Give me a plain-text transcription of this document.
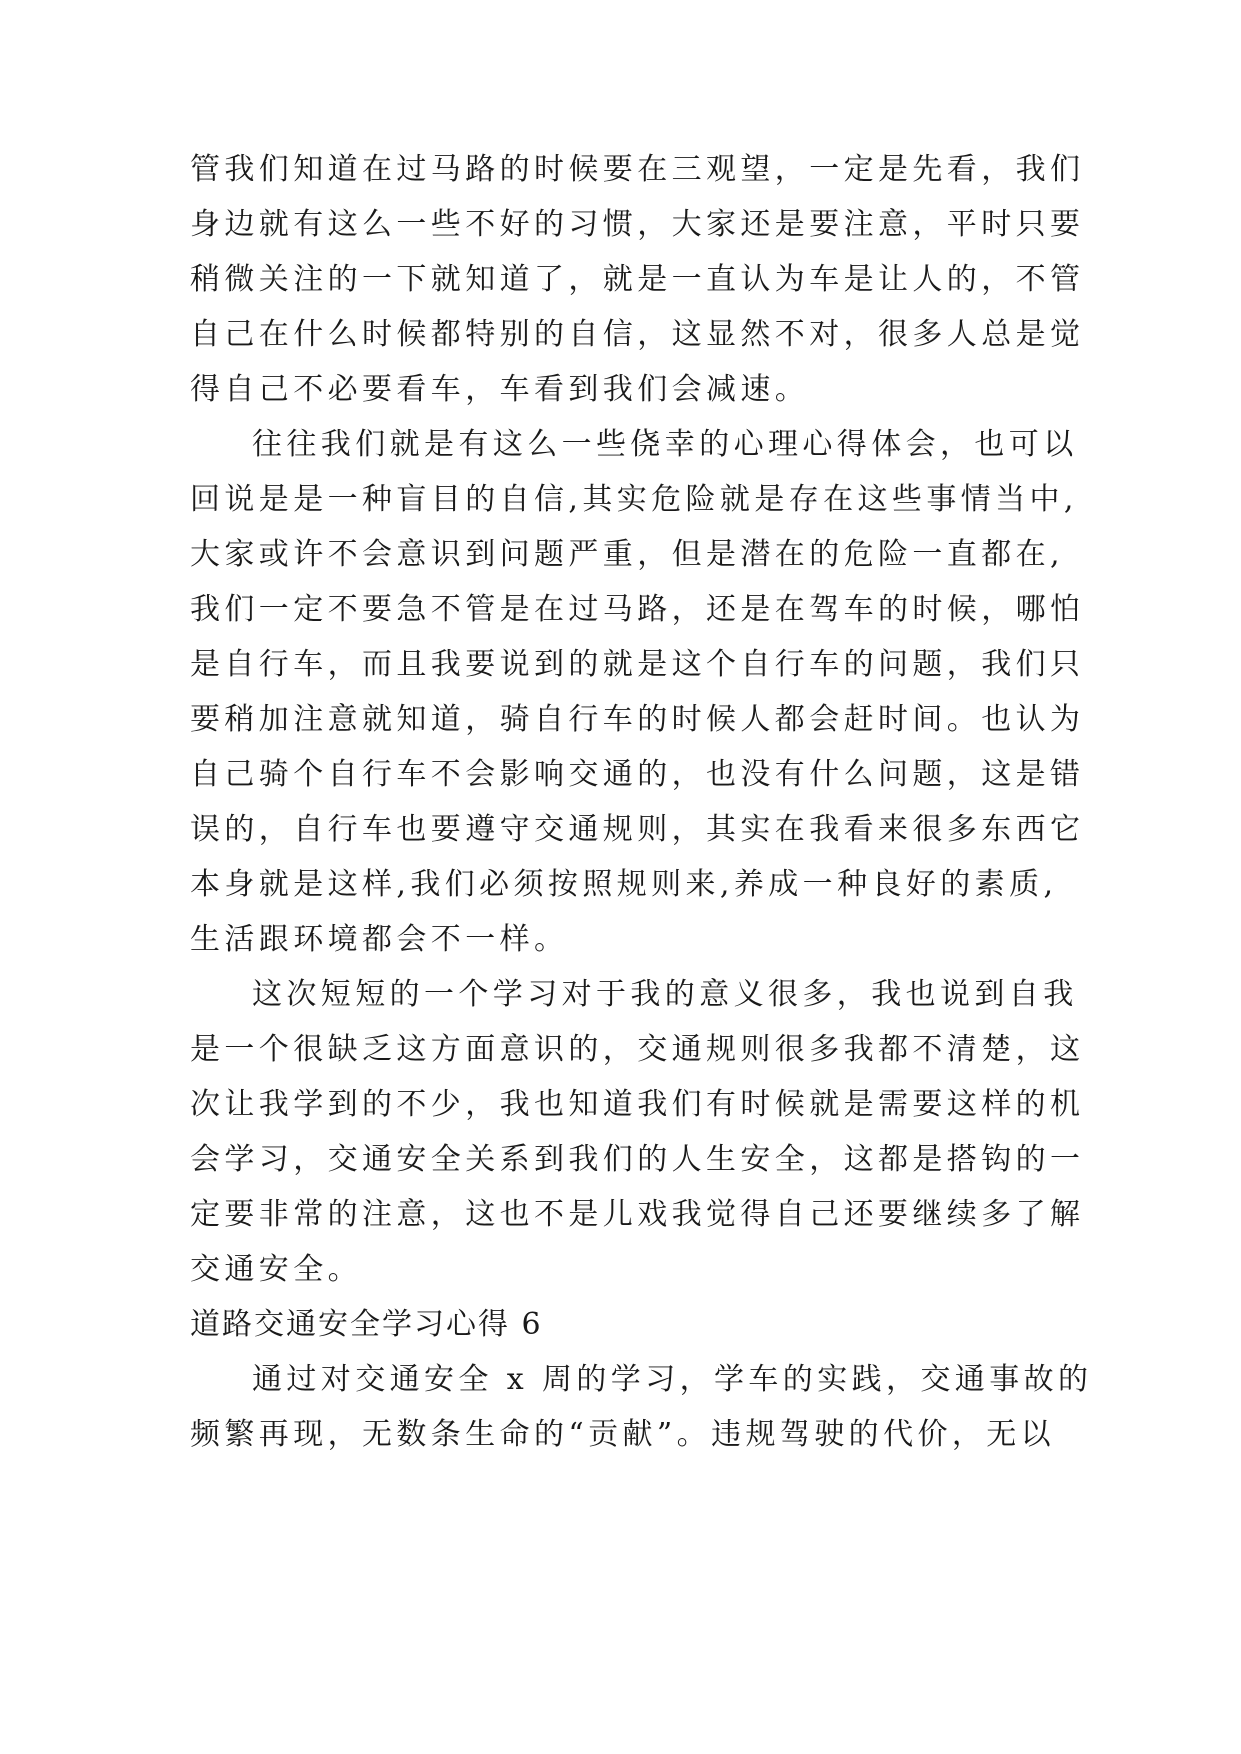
管我们知道在过马路的时候要在三观望，一定是先看，我们
身边就有这么一些不好的习惯，大家还是要注意，平时只要
稍微关注的一下就知道了，就是一直认为车是让人的，不管
自己在什么时候都特别的自信，这显然不对，很多人总是觉
得自己不必要看车，车看到我们会减速。
往往我们就是有这么一些侥幸的心理心得体会，也可以
回说是是一种盲目的自信,其实危险就是存在这些事情当中,
大家或许不会意识到问题严重，但是潜在的危险一直都在,
我们一定不要急不管是在过马路，还是在驾车的时候，哪怕
是自行车，而且我要说到的就是这个自行车的问题，我们只
要稍加注意就知道，骑自行车的时候人都会赶时间。也认为
自己骑个自行车不会影响交通的，也没有什么问题，这是错
误的，自行车也要遵守交通规则，其实在我看来很多东西它
本身就是这样,我们必须按照规则来,养成一种良好的素质,
生活跟环境都会不一样。
这次短短的一个学习对于我的意义很多，我也说到自我
是一个很缺乏这方面意识的，交通规则很多我都不清楚，这
次让我学到的不少，我也知道我们有时候就是需要这样的机
会学习，交通安全关系到我们的人生安全，这都是搭钩的一
定要非常的注意，这也不是儿戏我觉得自己还要继续多了解
交通安全。
道路交通安全学习心得 6
通过对交通安全 x 周的学习，学车的实践，交通事故的
频繁再现，无数条生命的“贡献”。违规驾驶的代价，无以
